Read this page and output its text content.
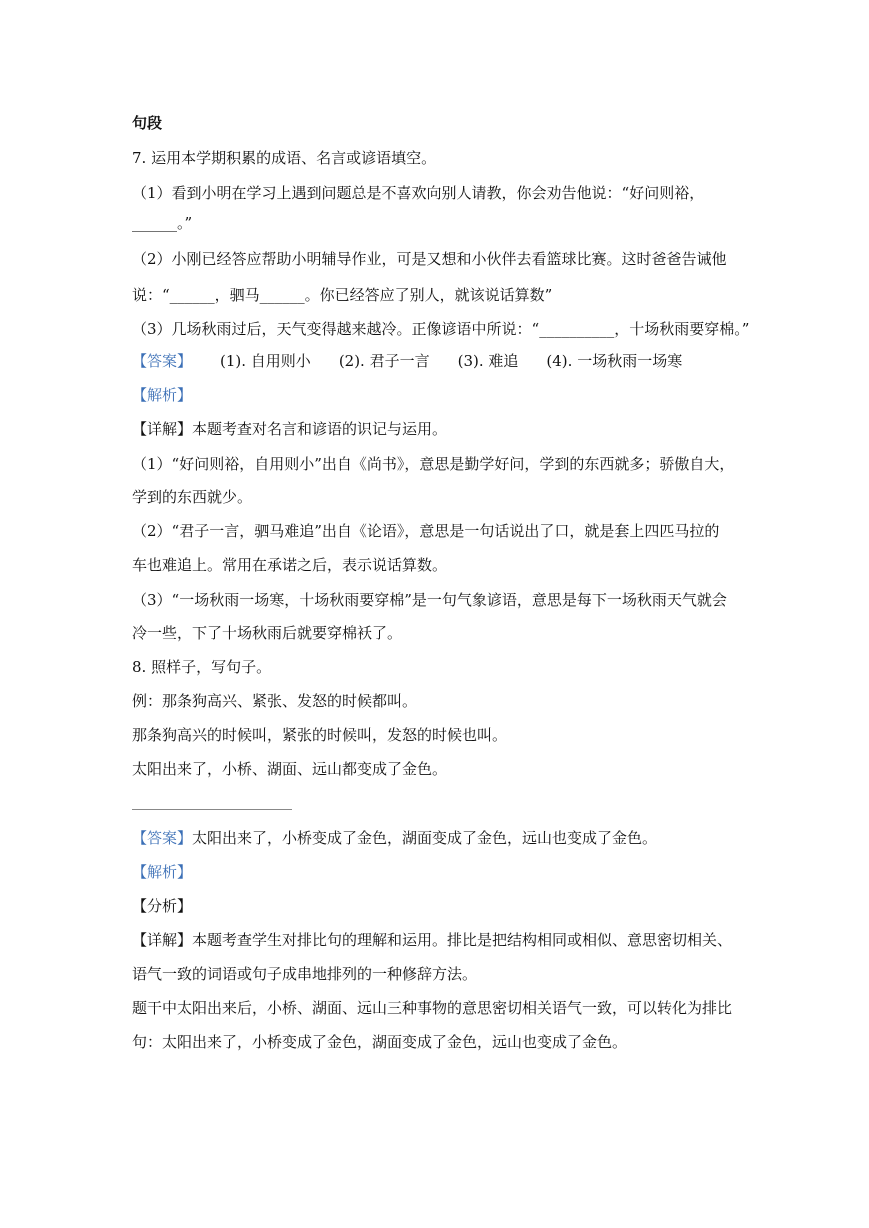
句段
7. 运用本学期积累的成语、名言或谚语填空。
（1）看到小明在学习上遇到问题总是不喜欢向别人请教，你会劝告他说：“好问则裕，
______。”
（2）小刚已经答应帮助小明辅导作业，可是又想和小伙伴去看篮球比赛。这时爸爸告诫他
说：“______，驷马______。你已经答应了别人，就该说话算数”
（3）几场秋雨过后，天气变得越来越冷。正像谚语中所说：“__________，十场秋雨要穿棉。”
【答案】 (1). 自用则小 (2). 君子一言 (3). 难追 (4). 一场秋雨一场寒
【解析】
【详解】本题考查对名言和谚语的识记与运用。
（1）“好问则裕，自用则小”出自《尚书》，意思是勤学好问，学到的东西就多；骄傲自大，
学到的东西就少。
（2）“君子一言，驷马难追”出自《论语》，意思是一句话说出了口，就是套上四匹马拉的
车也难追上。常用在承诺之后，表示说话算数。
（3）“一场秋雨一场寒，十场秋雨要穿棉”是一句气象谚语，意思是每下一场秋雨天气就会
冷一些，下了十场秋雨后就要穿棉袄了。
8. 照样子，写句子。
例：那条狗高兴、紧张、发怒的时候都叫。
那条狗高兴的时候叫，紧张的时候叫，发怒的时候也叫。
太阳出来了，小桥、湖面、远山都变成了金色。
【答案】太阳出来了，小桥变成了金色，湖面变成了金色，远山也变成了金色。
【解析】
【分析】
【详解】本题考查学生对排比句的理解和运用。排比是把结构相同或相似、意思密切相关、
语气一致的词语或句子成串地排列的一种修辞方法。
题干中太阳出来后，小桥、湖面、远山三种事物的意思密切相关语气一致，可以转化为排比
句：太阳出来了，小桥变成了金色，湖面变成了金色，远山也变成了金色。
